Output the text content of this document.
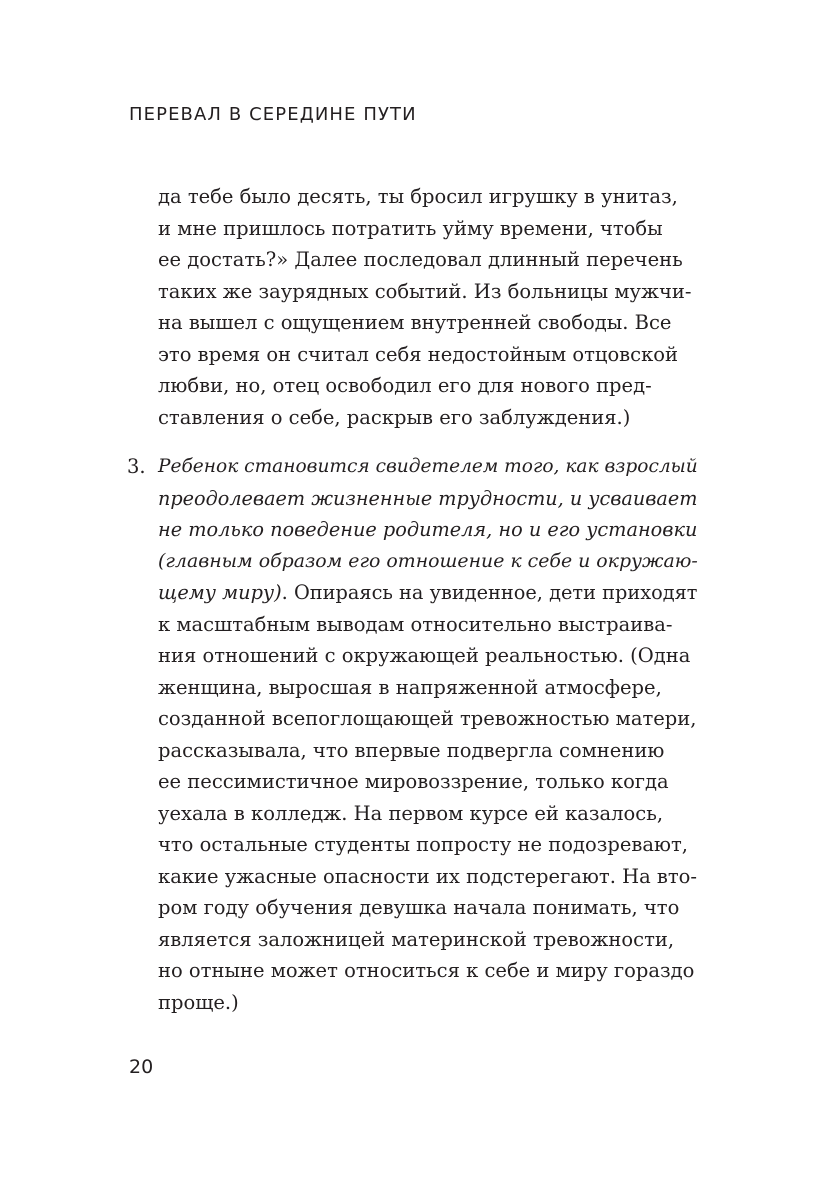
ПЕРЕВАЛ В СЕРЕДИНЕ ПУТИ
да тебе было десять, ты бросил игрушку в унитаз,
и мне пришлось потратить уйму времени, чтобы
ее достать?» Далее последовал длинный перечень
таких же заурядных событий. Из больницы мужчи-
на вышел с ощущением внутренней свободы. Все
это время он считал себя недостойным отцовской
любви, но, отец освободил его для нового пред-
ставления о себе, раскрыв его заблуждения.)
3. Ребенок становится свидетелем того, как взрослый
преодолевает жизненные трудности, и усваивает
не только поведение родителя, но и его установки
(главным образом его отношение к себе и окружаю-
щему миру). Опираясь на увиденное, дети приходят
к масштабным выводам относительно выстраива-
ния отношений с окружающей реальностью. (Одна
женщина, выросшая в напряженной атмосфере,
созданной всепоглощающей тревожностью матери,
рассказывала, что впервые подвергла сомнению
ее пессимистичное мировоззрение, только когда
уехала в колледж. На первом курсе ей казалось,
что остальные студенты попросту не подозревают,
какие ужасные опасности их подстерегают. На вто-
ром году обучения девушка начала понимать, что
является заложницей материнской тревожности,
но отныне может относиться к себе и миру гораздо
проще.)
20
